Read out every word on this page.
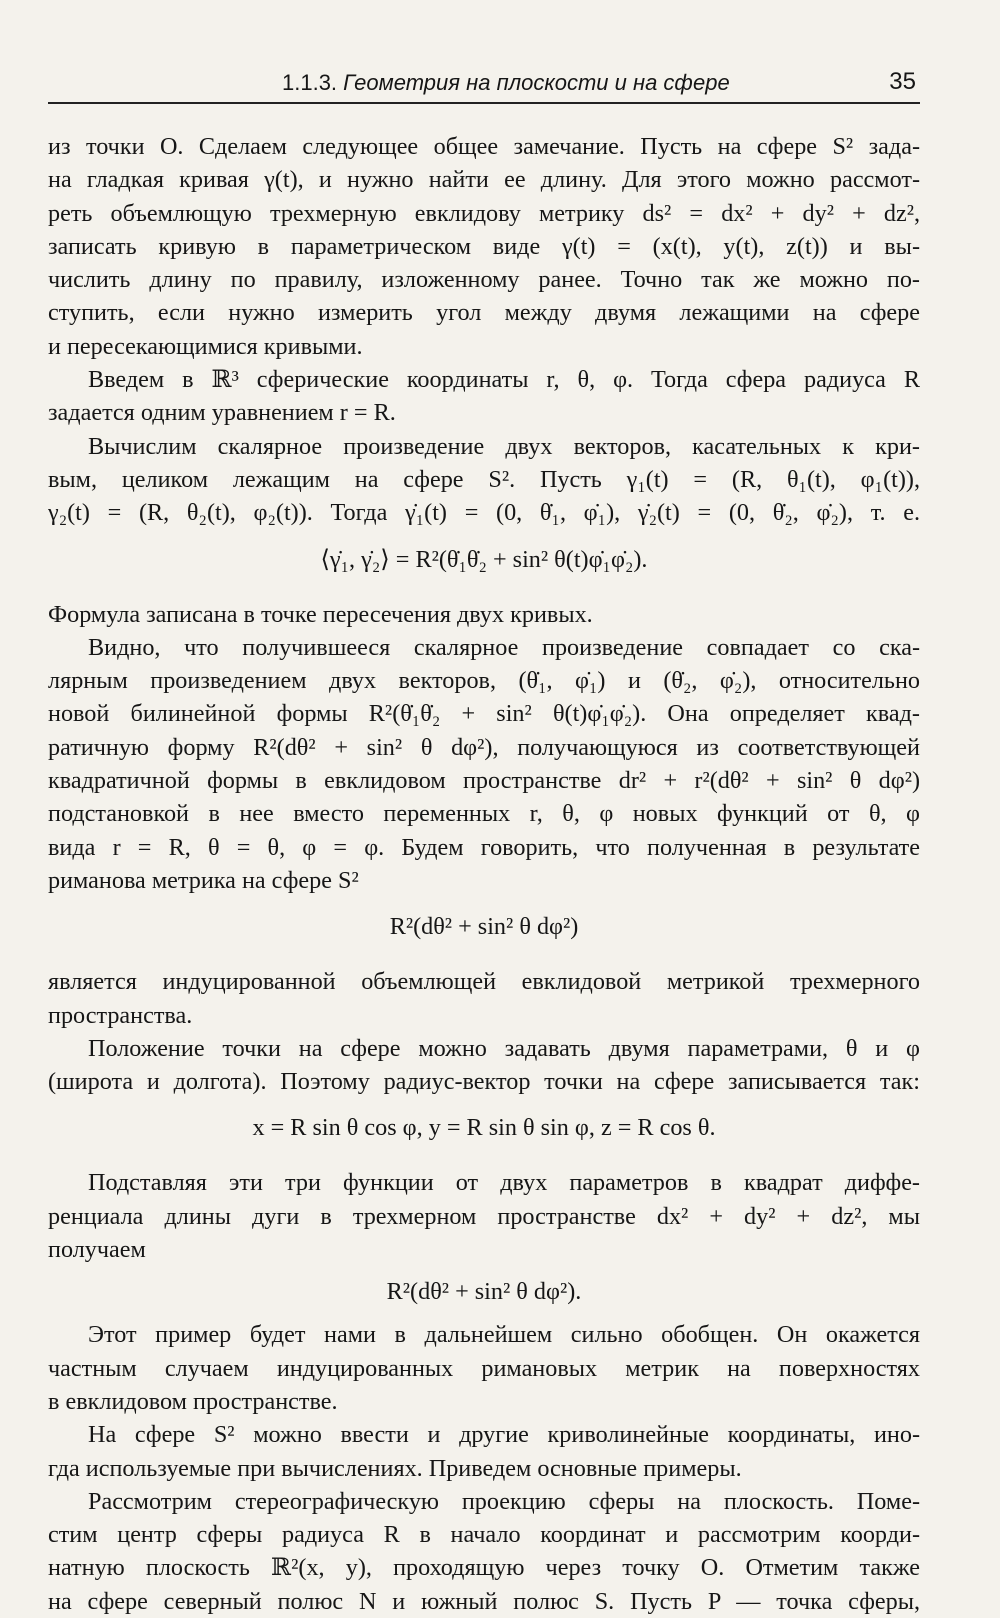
1.1.3. Геометрия на плоскости и на сфере	35
из точки O. Сделаем следующее общее замечание. Пусть на сфере S² зада-
на гладкая кривая γ(t), и нужно найти ее длину. Для этого можно рассмот-
реть объемлющую трехмерную евклидову метрику ds² = dx² + dy² + dz²,
записать кривую в параметрическом виде γ(t) = (x(t), y(t), z(t)) и вы-
числить длину по правилу, изложенному ранее. Точно так же можно по-
ступить, если нужно измерить угол между двумя лежащими на сфере
и пересекающимися кривыми.
Введем в ℝ³ сферические координаты r, θ, φ. Тогда сфера радиуса R
задается одним уравнением r = R.
Вычислим скалярное произведение двух векторов, касательных к кри-
вым, целиком лежащим на сфере S². Пусть γ₁(t) = (R, θ₁(t), φ₁(t)),
γ₂(t) = (R, θ₂(t), φ₂(t)). Тогда γ̇₁(t) = (0, θ̇₁, φ̇₁), γ̇₂(t) = (0, θ̇₂, φ̇₂), т. е.
⟨γ̇₁, γ̇₂⟩ = R²(θ̇₁θ̇₂ + sin² θ(t)φ̇₁φ̇₂).
Формула записана в точке пересечения двух кривых.
Видно, что получившееся скалярное произведение совпадает со ска-
лярным произведением двух векторов, (θ̇₁, φ̇₁) и (θ̇₂, φ̇₂), относительно
новой билинейной формы R²(θ̇₁θ̇₂ + sin² θ(t)φ̇₁φ̇₂). Она определяет квад-
ратичную форму R²(dθ² + sin² θ dφ²), получающуюся из соответствующей
квадратичной формы в евклидовом пространстве dr² + r²(dθ² + sin² θ dφ²)
подстановкой в нее вместо переменных r, θ, φ новых функций от θ, φ
вида r = R, θ = θ, φ = φ. Будем говорить, что полученная в результате
риманова метрика на сфере S²
R²(dθ² + sin² θ dφ²)
является индуцированной объемлющей евклидовой метрикой трехмерного
пространства.
Положение точки на сфере можно задавать двумя параметрами, θ и φ
(широта и долгота). Поэтому радиус-вектор точки на сфере записывается так:
x = R sin θ cos φ, y = R sin θ sin φ, z = R cos θ.
Подставляя эти три функции от двух параметров в квадрат диффе-
ренциала длины дуги в трехмерном пространстве dx² + dy² + dz², мы
получаем
R²(dθ² + sin² θ dφ²).
Этот пример будет нами в дальнейшем сильно обобщен. Он окажется
частным случаем индуцированных римановых метрик на поверхностях
в евклидовом пространстве.
На сфере S² можно ввести и другие криволинейные координаты, ино-
гда используемые при вычислениях. Приведем основные примеры.
Рассмотрим стереографическую проекцию сферы на плоскость. Поме-
стим центр сферы радиуса R в начало координат и рассмотрим коорди-
натную плоскость ℝ²(x, y), проходящую через точку O. Отметим также
на сфере северный полюс N и южный полюс S. Пусть P — точка сферы,
